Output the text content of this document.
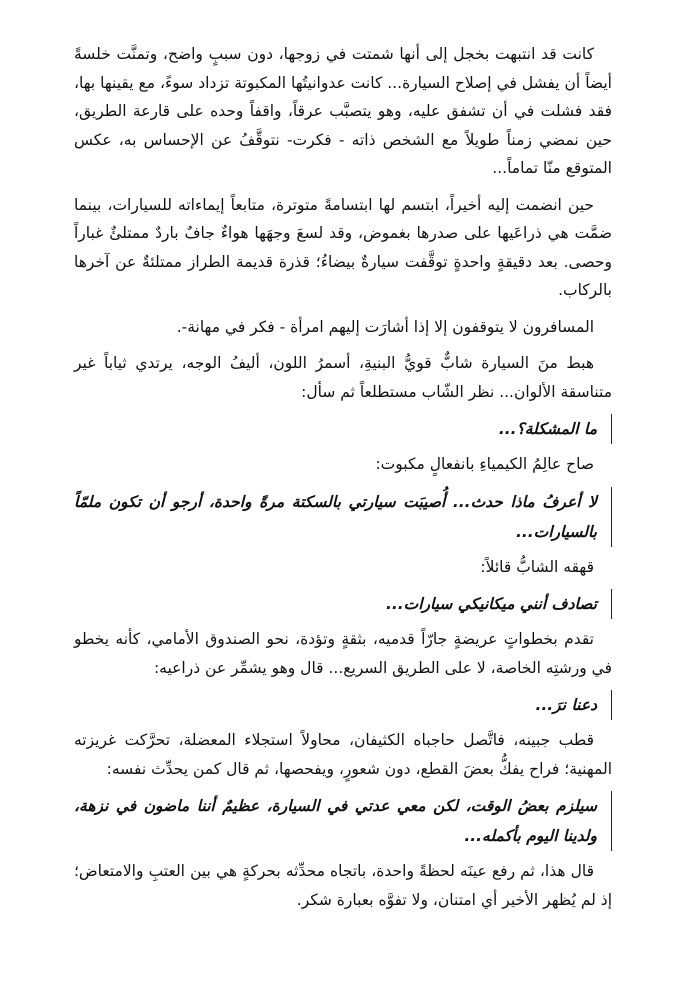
كانت قد انتبهت بخجل إلى أنها شمتت في زوجها، دون سببٍ واضح، وتمنَّت خلسةً أيضاً أن يفشل في إصلاح السيارة... كانت عدوانيتُها المكبوتة تزداد سوءً، مع يقينها بها، فقد فشلت في أن تشفق عليه، وهو يتصبَّب عرقاً، واقفاً وحده على قارعة الطريق، حين نمضي زمناً طويلاً مع الشخص ذاته - فكرت- نتوقَّفُ عن الإحساس به، عكس المتوقع منّا تماماً...

حين انضمت إليه أخيراً، ابتسم لها ابتسامةً متوترة، متابعاً إيماءاته للسيارات، بينما ضمَّت هي ذراعَيها على صدرها بغموض، وقد لسعَ وجهَها هواءٌ جافٌ باردٌ ممتلئٌ غباراً وحصى. بعد دقيقةٍ واحدةٍ توقَّفت سيارةٌ بيضاءُ؛ قذرة قديمة الطراز ممتلئةٌ عن آخرها بالركاب.

المسافرون لا يتوقفون إلا إذا أشارَت إليهم امرأة - فكر في مهانة-.

هبط منَ السيارة شابٌّ قويُّ البنيةِ، أسمرُ اللون، أليفُ الوجه، يرتدي ثياباً غير متناسقة الألوان... نظر الشّاب مستطلعاً ثم سأل:

ما المشكلة؟...

صاح عالِمُ الكيمياءِ بانفعالٍ مكبوت:

لا أعرفُ ماذا حدث... أُصيبَت سيارتي بالسكتة مرةً واحدة، أرجو أن تكون ملمّاً بالسيارات...

قهقه الشابُّ قائلاً:

تصادف أنني ميكانيكي سيارات...

تقدم بخطواتٍ عريضةٍ جارّاً قدميه، بثقةٍ وتؤدة، نحو الصندوق الأمامي، كأنه يخطو في ورشتِه الخاصة، لا على الطريق السريع... قال وهو يشمِّر عن ذراعيه:

دعنا نرَ...

قطب جبينه، فاتَّصل حاجباه الكثيفان، محاولاً استجلاء المعضلة، تحرَّكت غريزته المهنية؛ فراح يفكُّ بعضَ القطع، دون شعورٍ، ويفحصها، ثم قال كمن يحدِّث نفسه:

سيلزم بعضُ الوقت، لكن معي عدتي في السيارة، عظيمٌ أننا ماضون في نزهة، ولدينا اليوم بأكمله...

قال هذا، ثم رفع عينَه لحظةً واحدة، باتجاه محدِّثه بحركةٍ هي بين العتبِ والامتعاض؛ إذ لم يُظهر الأخير أي امتنان، ولا تفوَّه بعبارة شكر.
